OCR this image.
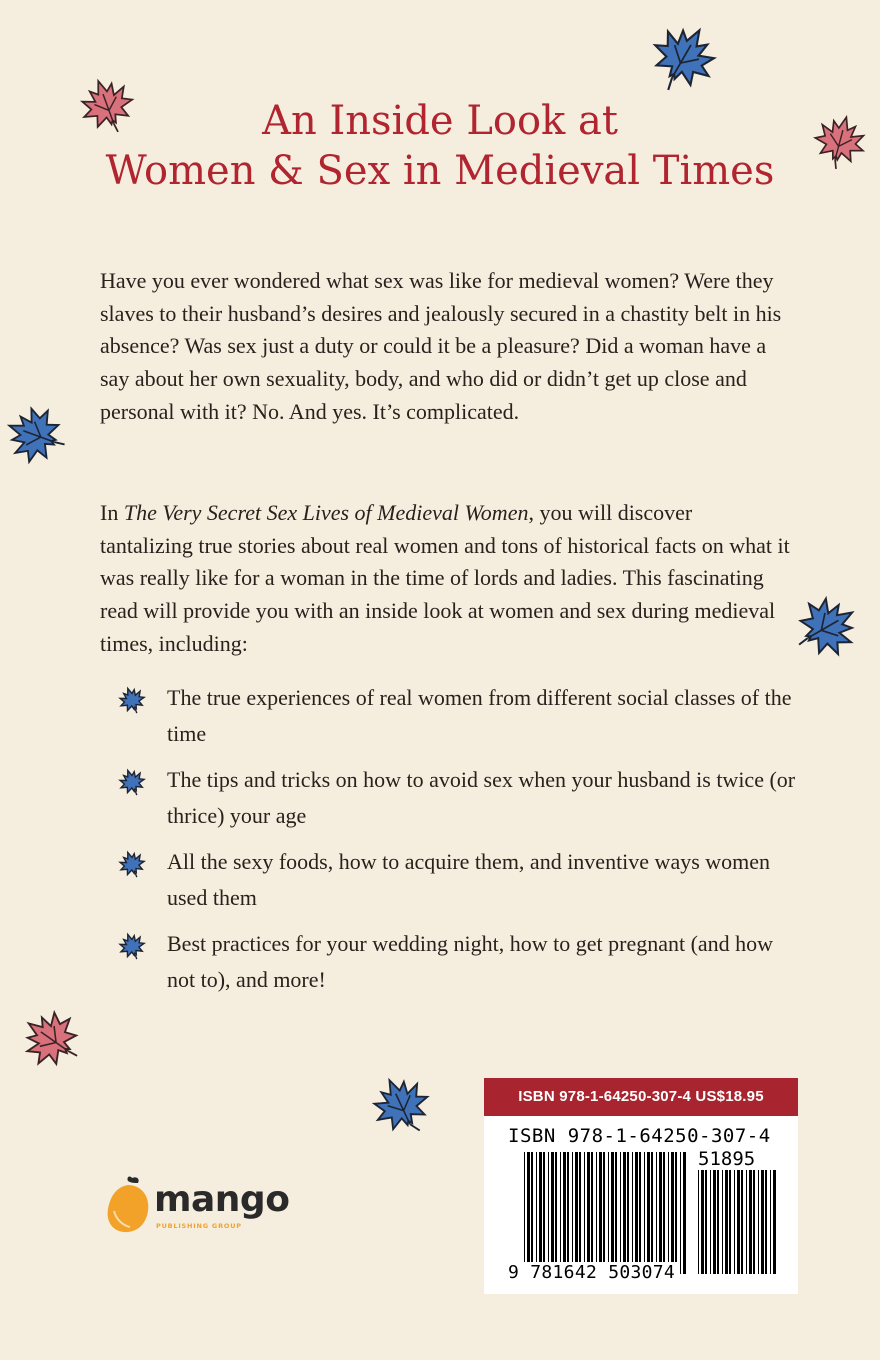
An Inside Look at
Women & Sex in Medieval Times
Have you ever wondered what sex was like for medieval women? Were they slaves to their husband’s desires and jealously secured in a chastity belt in his absence? Was sex just a duty or could it be a pleasure? Did a woman have a say about her own sexuality, body, and who did or didn’t get up close and personal with it? No. And yes. It’s complicated.
In The Very Secret Sex Lives of Medieval Women, you will discover tantalizing true stories about real women and tons of historical facts on what it was really like for a woman in the time of lords and ladies. This fascinating read will provide you with an inside look at women and sex during medieval times, including:
The true experiences of real women from different social classes of the time
The tips and tricks on how to avoid sex when your husband is twice (or thrice) your age
All the sexy foods, how to acquire them, and inventive ways women used them
Best practices for your wedding night, how to get pregnant (and how not to), and more!
mango
PUBLISHING GROUP
ISBN 978-1-64250-307-4 US$18.95
ISBN 978-1-64250-307-4
51895
9 781642 503074
